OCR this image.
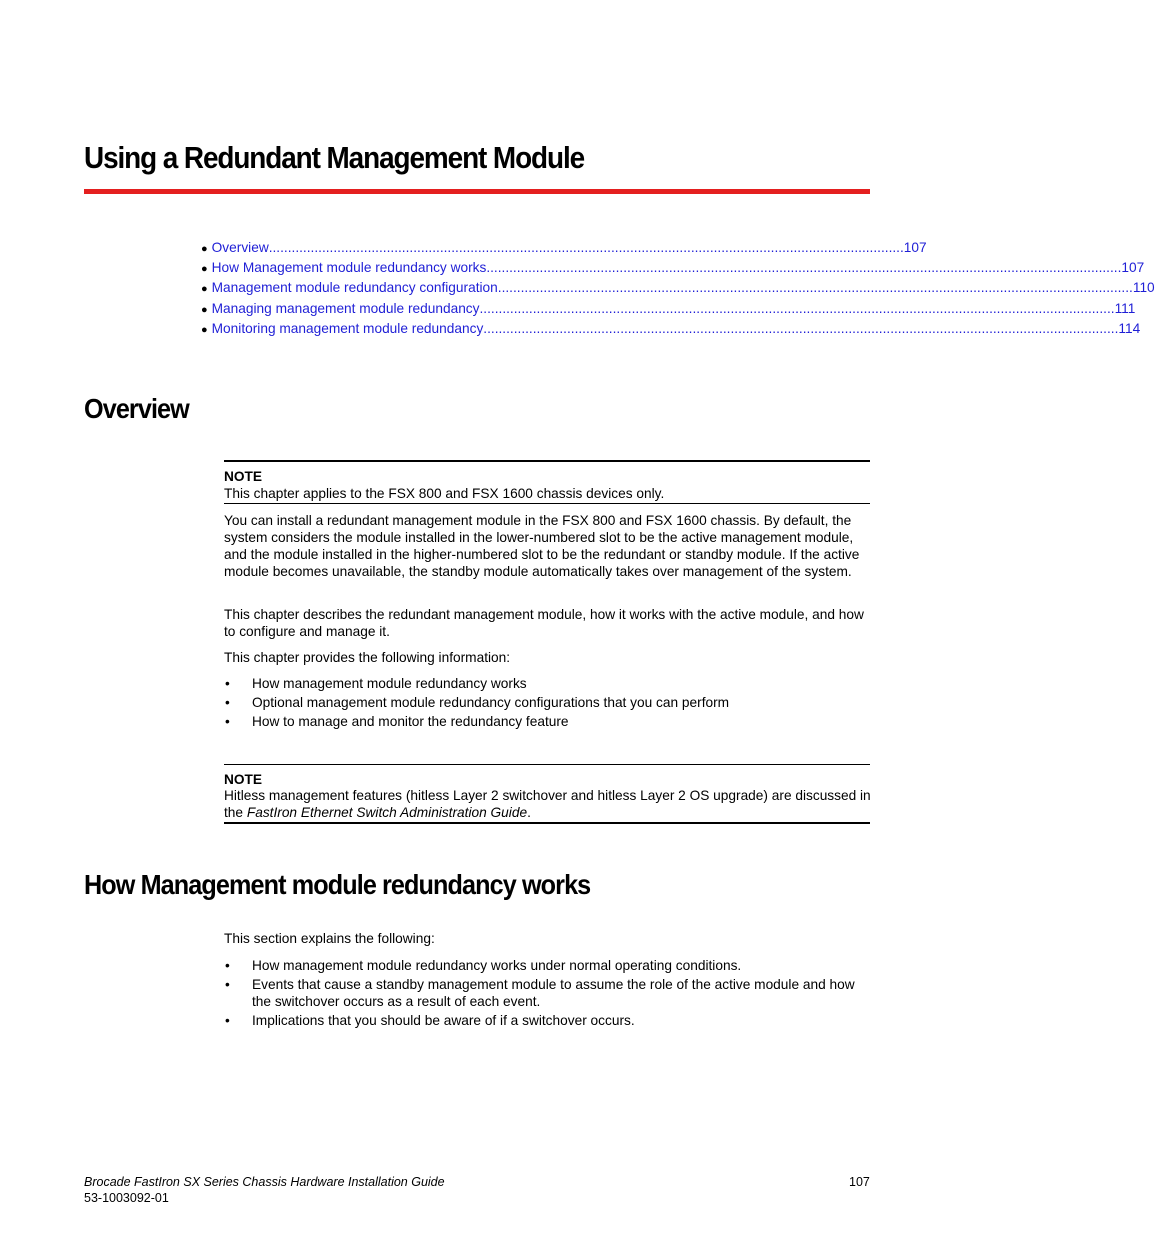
Using a Redundant Management Module
● Overview ....................................................................................................................................................................... 107
● How Management module redundancy works ....................................................................................................................................................................... 107
● Management module redundancy configuration ....................................................................................................................................................................... 110
● Managing management module redundancy ....................................................................................................................................................................... 111
● Monitoring management module redundancy ....................................................................................................................................................................... 114
Overview
NOTE
This chapter applies to the FSX 800 and FSX 1600 chassis devices only.
You can install a redundant management module in the FSX 800 and FSX 1600 chassis. By default, the system considers the module installed in the lower-numbered slot to be the active management module, and the module installed in the higher-numbered slot to be the redundant or standby module. If the active module becomes unavailable, the standby module automatically takes over management of the system.
This chapter describes the redundant management module, how it works with the active module, and how to configure and manage it.
This chapter provides the following information:
• How management module redundancy works
• Optional management module redundancy configurations that you can perform
• How to manage and monitor the redundancy feature
NOTE
Hitless management features (hitless Layer 2 switchover and hitless Layer 2 OS upgrade) are discussed in the FastIron Ethernet Switch Administration Guide.
How Management module redundancy works
This section explains the following:
• How management module redundancy works under normal operating conditions.
• Events that cause a standby management module to assume the role of the active module and how the switchover occurs as a result of each event.
• Implications that you should be aware of if a switchover occurs.
Brocade FastIron SX Series Chassis Hardware Installation Guide
53-1003092-01
107
